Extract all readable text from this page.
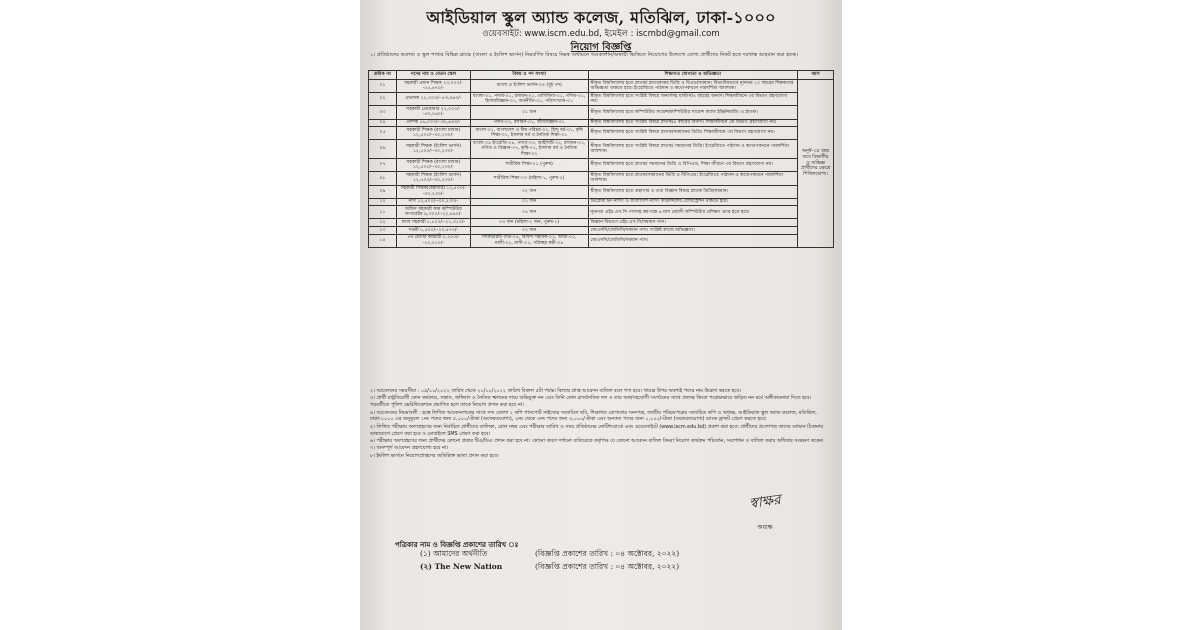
আইডিয়াল স্কুল অ্যান্ড কলেজ, মতিঝিল, ঢাকা-১০০০
ওয়েবসাইট: www.iscm.edu.bd, ইমেইল : iscmbd@gmail.com
নিয়োগ বিজ্ঞপ্তি
১। প্রতিষ্ঠানের কলেজ ও স্কুল শাখার বিভিন্ন ব্রাঞ্চে (বাংলা ও ইংলিশ ভার্সন) নিম্নবর্ণিত বিষয়ে নিম্নস্ব অর্থায়নে খণ্ডকালীন/অস্থায়ী ভিত্তিতে নিয়োগের উদ্দেশ্যে যোগ্য প্রার্থীদের নিকট হতে দরখাস্ত আহবান করা হচ্ছে।
ক্রমিক নং	পদের নাম ও বেতন স্কেল	বিষয় ও পদ সংখ্যা	শিক্ষাগত যোগ্যতা ও অভিজ্ঞতা	বয়স
০১	সহকারী প্রধান শিক্ষক ২৩,০০০/--৫৫,৪৭০/-	বাংলা ও ইংলিশ ভার্সন-০৪ (দুই পদ)	স্বীকৃত বিশ্ববিদ্যালয় হতে স্নাতক/ স্নাতকোত্তর ডিগ্রি ও বিএড/সমমান। বিভাগীয়ভাবে ন্যূনতম ১০ বছরের শিক্ষকতার অভিজ্ঞতা থাকতে হবে। ইংরেজিতে পাঠদান ও কথোপকথনে পারদর্শিতা আবশ্যক।	অনূর্ধ-৩৫ বছর তবে বিভাগীয় ও অভিজ্ঞ প্রার্থীদের ক্ষেত্রে শিথিলযোগ্য।
০২	প্রভাষক ২২,০০০/--৫৩,০৬০/-	বাংলা-০১, পদার্থ-০১, রসায়ন-০১, প্রাণিবিদ্যা-০১, গণিত-০১, হিসাববিজ্ঞান-০১, অর্থনীতি-০১, পরিসংখ্যান-০১	স্বীকৃত বিশ্ববিদ্যালয় হতে সংশ্লিষ্ট বিষয়ে অনার্সসহ মাস্টার্স/৪ বছরের অনার্স। শিক্ষাজীবনে ৩য় বিভাগ গ্রহণযোগ্য নয়।	
০৩	সহকারী প্রোগ্রামার ২২,০০০/--৫৩,০৬০/-	০১ জন	স্বীকৃত বিশ্ববিদ্যালয় হতে কম্পিউটার সায়েন্স/কম্পিউটার সায়েন্স অ্যান্ড ইঞ্জিনিয়ারিং এ স্নাতক।	
০৪	প্রদর্শক ১৬,০০০/--৩৮,৬৪০/-	পদার্থ-০২, রসায়ন-০১, জীববিজ্ঞান-০১	স্বীকৃত বিশ্ববিদ্যালয় হতে সংশ্লিষ্ট বিষয়ে স্নাতক/৪ বছরের অনার্স। শিক্ষাজীবনে ৩য় বিভাগ গ্রহণযোগ্য নয়।	
০৫	সহকারী শিক্ষক (বাংলা মাধ্যম) ১২,৫০০/--৩০,২৩০/-	বাংলা-০১, বাংলাদেশ ও বিশ্ব পরিচয়-০২, হিন্দু ধর্ম-০১, কৃষি শিক্ষা-০১, ইসলাম ধর্ম ও নৈতিক শিক্ষা-০১	স্বীকৃত বিশ্ববিদ্যালয় হতে সংশ্লিষ্ট বিষয়ে স্নাতক/সমমানের ডিগ্রি। শিক্ষাজীবনে ৩য় বিভাগ গ্রহণযোগ্য নয়।	
০৬	সহকারী শিক্ষক (ইংলিশ ভার্সন) ১২,৫০০/--৩০,২৩০/-	বাংলা-০৪ ইংরেজি-০৪, পদার্থ-০৩, আইসিটি-০২, রসায়ন-০১, গণিত ও বিজ্ঞান-০৭, কৃষি-০১, ইসলাম ধর্ম ও নৈতিক শিক্ষা-০২	স্বীকৃত বিশ্ববিদ্যালয় হতে সংশ্লিষ্ট বিষয়ে স্নাতক/ সমমানের ডিগ্রি। ইংরেজিতে পাঠদান ও কথোপকথনে পারদর্শিতা আবশ্যক।	
০৭	সহকারী শিক্ষক (বাংলা মাধ্যম) ১২,৫০০/--৩০,২৩০/-	শারীরিক শিক্ষা-০১ (পুরুষ)	স্বীকৃত বিশ্ববিদ্যালয় হতে স্নাতক/ সমমানের ডিগ্রি ও বিপিএড, শিক্ষা জীবনে ৩য় বিভাগ গ্রহণযোগ্য নয়।	
০৮	সহকারী শিক্ষক (ইংলিশ ভার্সন) ১২,৫০০/--৩০,২৩০/-	শারীরিক শিক্ষা-০৩ (মহিলা-১, পুরুষ-২)	স্বীকৃত বিশ্ববিদ্যালয় হতে স্নাতক/সমমানের ডিগ্রি ও বিপিএড। ইংরেজিতে পাঠদান ও কথোপকথনে পারদর্শিতা আবশ্যক।	
০৯	সহকারী শিক্ষক(গ্রন্থাগার) ১২,৫০০/--৩০,২৩০/-	০২ জন	স্বীকৃত বিশ্ববিদ্যালয় হতে গ্রন্থাগার ও তথ্য বিজ্ঞান বিষয়ে স্নাতক ডিগ্রি/সমমান।	
১০	নার্স ১২,৫০০/--৩০,২৩০/-	০২ জন	ডিপ্লোমা ইন নার্সিং ও বাংলাদেশ নার্সিং কাউন্সিলের রেজিস্ট্রেশন থাকতে হবে।	
১১	অফিস সহকারী কাম কম্পিউটার অপারেটর ৯,৩০০/--২২,৪৯০/-	০৪ জন	ন্যূনতম এইচ.এস.সি পাসসহ কমপক্ষে ৬ মাস মেয়াদী কম্পিউটার প্রশিক্ষণ প্রাপ্ত হতে হবে।	
১২	ল্যাব সহকারী ৮,৮০০/--২১,৩১০/-	০৩ জন (মহিলা-২ জন, পুরুষ-১)	বিজ্ঞান বিভাগে এইচ.এস.সি/সমমান পাস।	
১৩	দপ্তরী ৮,৫০০/--২০,৫৭০/-	০২ জন	জেএসসি/জেডিসি/সমমান পাস। সংশ্লিষ্ট কাজে অভিজ্ঞতা।	
১৪	৪র্থ শ্রেণির কর্মচারী ৮,২৫০/--২০,০১০/-	সিকিউরিটি গার্ড-০৫, অফিস সহায়ক-০২, আয়া-০২, মালী-০১, মাসী-০১, পরিচ্ছন্ন কর্মী-০৪	জেএসসি/জেডিসি/সমমান পাস।	

২। আবেদনের সময়সীমা : ০৫/১০/২০২২ তারিখ থেকে ২০/১০/২০২২ তারিখ বিকাল ৫টা পর্যন্ত। বিলম্বে প্রাপ্ত আবেদন বাতিল বলে গণ্য হবে। খামের উপর অবশ্যই পদের নাম উল্লেখ করতে হবে।

৩। প্রার্থী রাষ্ট্রবিরোধী কোন কর্মকাণ্ড, সন্ত্রাস, জঙ্গিবাদ ও নৈতিক স্খলনের দায়ে অভিযুক্ত নন এবং তিনি কোন রাজনৈতিক দল ও তার অঙ্গ/সহযোগী সংগঠনের সাথে প্রত্যক্ষ কিংবা পরোক্ষভাবে জড়িত নন মর্মে অঙ্গীকারনামা দিতে হবে। পরবর্তীতে পুলিশ ভেরিফিকেশনে প্রমাণিত হলে তাকে নিয়োগ প্রদান করা হবে না।

৪। আবেদনের নিয়মাবলী : হস্তে লিখিত আবেদনপত্রের সাথে সদ্য তোলা ২ কপি পাসপোর্ট সাইজের সত্যায়িত ছবি, শিক্ষাগত যোগ্যতার সনদপত্র, জাতীয় পরিচয়পত্রের সত্যায়িত কপি ও অধ্যক্ষ, আইডিয়াল স্কুল অ্যান্ড কলেজ, মতিঝিল, ঢাকা-১০০০ এর অনুকূলে ১নং পদের জন্য ৫,০০০/-টাকা (অফেরতযোগ্য), ২নং থেকে ৩নং পদের জন্য ৩,০০০/-টাকা এবং অন্যান্য পদের জন্য ১,০০০/-টাকা (অফেরতযোগ্য) ব্যাংক ড্রাফট প্রেরণ করতে হবে।

৫। লিখিত পরীক্ষায় অংশগ্রহণের জন্য নির্বাচিত প্রার্থীদের তালিকা, রোল নম্বর এবং পরীক্ষার তারিখ ও সময় প্রতিষ্ঠানের নোটিশবোর্ডে এবং ওয়েবসাইটে (www.iscm.edu.bd) প্রকাশ করা হবে। প্রার্থীদের প্রবেশপত্র তাদের বর্তমান ঠিকানায় ডাকযোগে প্রেরণ করা হবে ও মোবাইলে SMS প্রেরণ করা হবে।

৬। পরীক্ষায় অংশগ্রহণের জন্য প্রার্থীদের কোনো প্রকার টিএ/ডিএ প্রদান করা হবে না। কোনো কারণ দর্শানো ব্যতিরেকে কর্তৃপক্ষ যে কোনো আবেদন বাতিল কিংবা নিয়োগ কার্যক্রম পরিবর্তন, সংশোধন ও বাতিল করার অধিকার সংরক্ষণ করেন।

৭। অসম্পূর্ণ আবেদন গ্রহণযোগ্য হবে না।

৮। ইংলিশ ভার্সনে নিয়োগপ্রাপ্তদের অতিরিক্ত ভাতা প্রদান করা হবে।

স্বাক্ষর
অধ্যক্ষ
পত্রিকার নাম ও বিজ্ঞপ্তি প্রকাশের তারিখ ঃ
(১) আমাদের অর্থনীতি	(বিজ্ঞপ্তি প্রকাশের তারিখ : ০৪ অক্টোবর, ২০২২)
(২) The New Nation	(বিজ্ঞপ্তি প্রকাশের তারিখ : ০৪ অক্টোবর, ২০২২)
